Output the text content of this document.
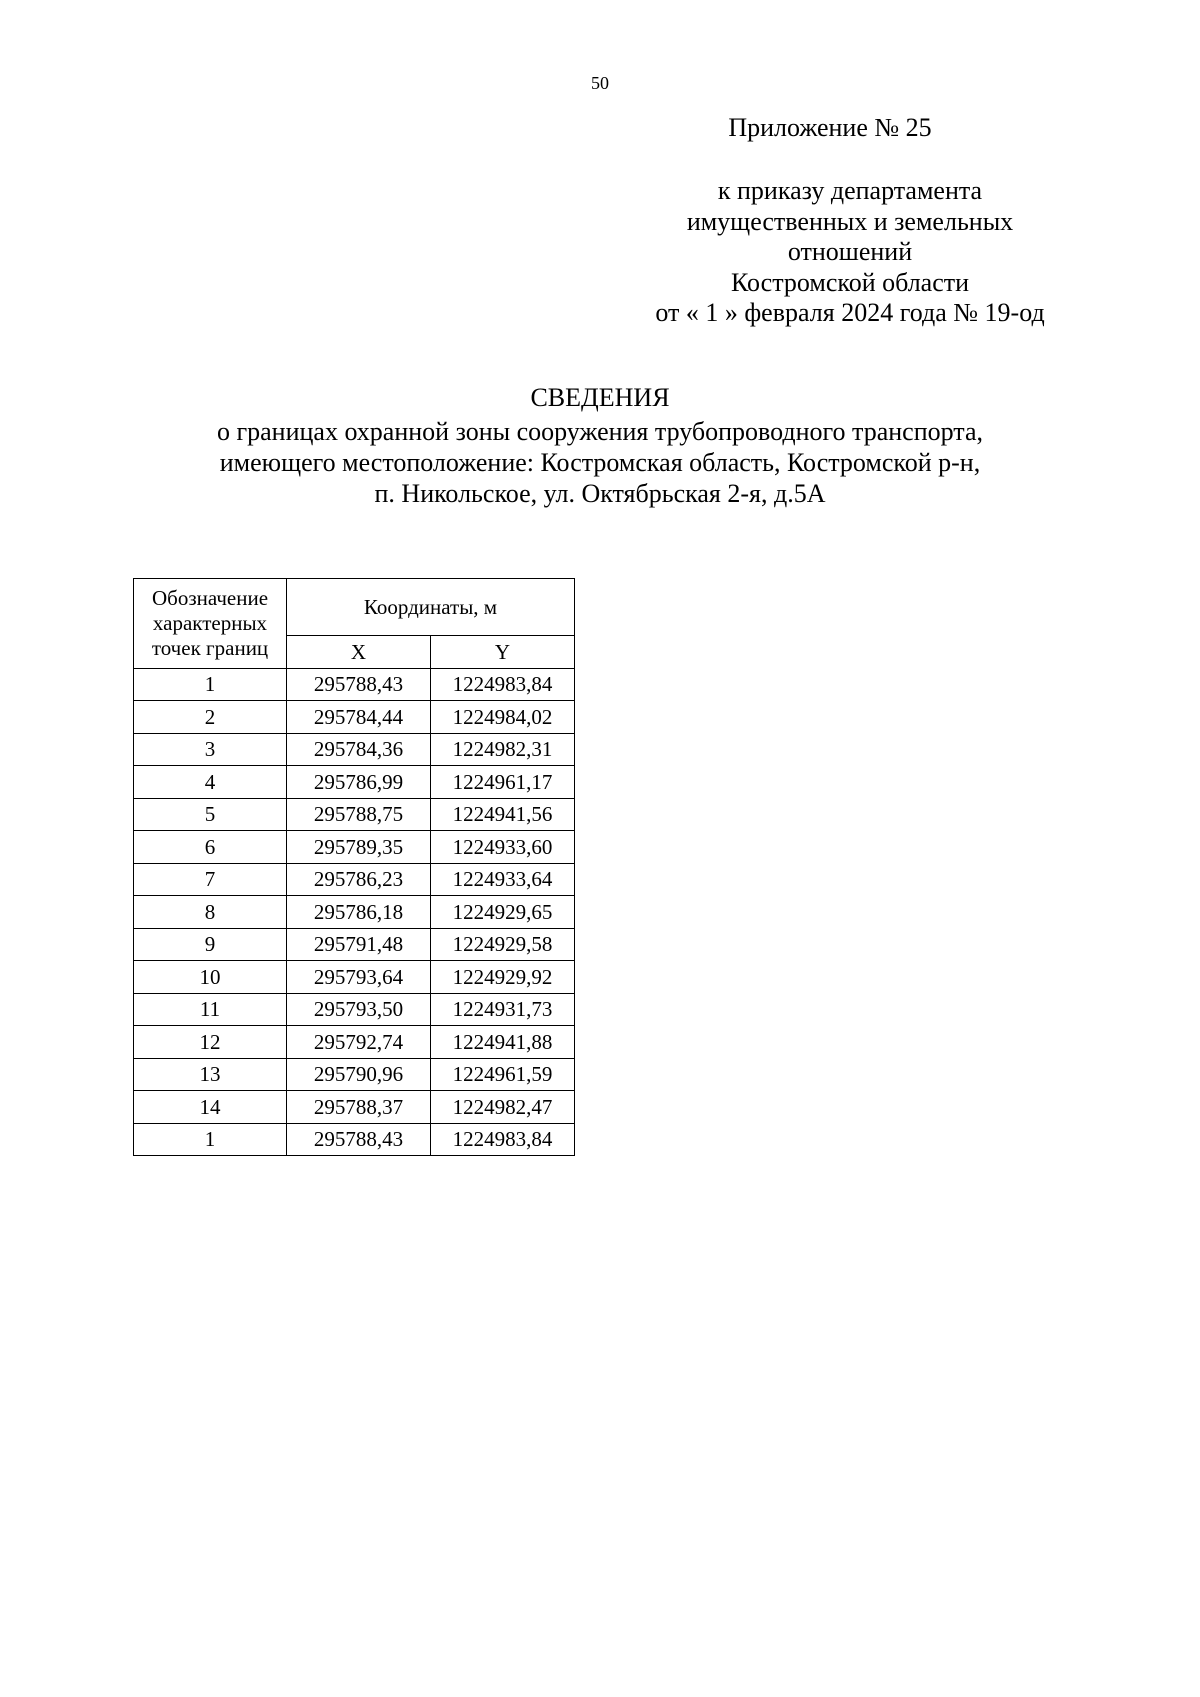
50
Приложение № 25
к приказу департамента
имущественных и земельных
отношений
Костромской области
от « 1 » февраля 2024 года № 19-од
СВЕДЕНИЯ
о границах охранной зоны сооружения трубопроводного транспорта,
имеющего местоположение: Костромская область, Костромской р-н,
п. Никольское, ул. Октябрьская 2-я, д.5А
Обозначение
характерных
точек границ	Координаты, м	
	X	Y
1	295788,43	1224983,84
2	295784,44	1224984,02
3	295784,36	1224982,31
4	295786,99	1224961,17
5	295788,75	1224941,56
6	295789,35	1224933,60
7	295786,23	1224933,64
8	295786,18	1224929,65
9	295791,48	1224929,58
10	295793,64	1224929,92
11	295793,50	1224931,73
12	295792,74	1224941,88
13	295790,96	1224961,59
14	295788,37	1224982,47
1	295788,43	1224983,84
